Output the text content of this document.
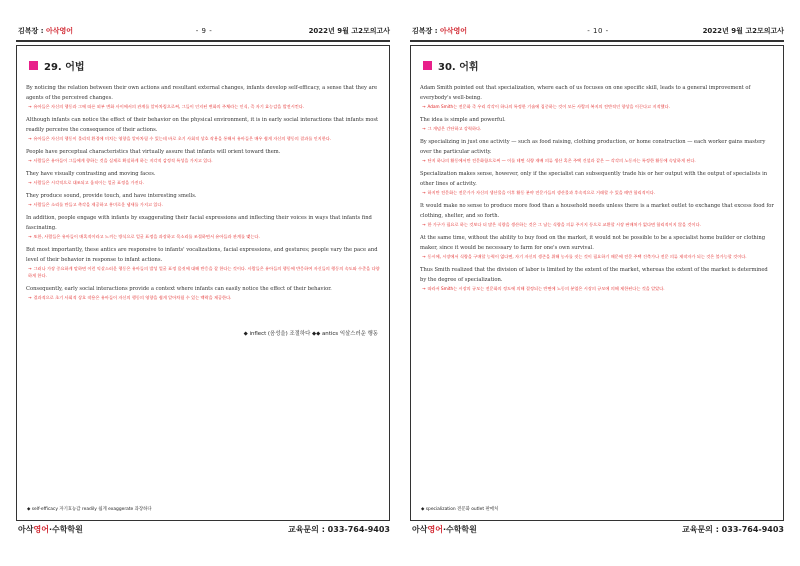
김복장 : 아삭영어	- 9 -	2022년 9월 고2모의고사
29. 어법
By noticing the relation between their own actions and resultant external changes, infants develop self-efficacy, a sense that they are agents of the perceived changes.
→ 유아들은 자신의 행동과 그에 따른 외부 변화 사이에서의 관계를 알아차림으로써, 그들이 인지된 변화의 주체라는 인식, 즉 자기 효능감을 발전시킨다.
Although infants can notice the effect of their behavior on the physical environment, it is in early social interactions that infants most readily perceive the consequence of their actions.
→ 유아들은 자신의 행동이 물리적 환경에 미치는 영향을 알아차릴 수 있는데 바로 초기 사회적 상호 작용을 통해서 유아들은 매우 쉽게 자신의 행동의 결과를 인지한다.
People have perceptual characteristics that virtually assure that infants will orient toward them.
→ 사람들은 유아들이 그들에게 향하는 것을 실제로 확실하게 하는 지각적 감정적 특성을 가지고 있다.
They have visually contrasting and moving faces.
→ 사람들은 시각적으로 대조되고 움직이는 얼굴 표정을 가진다.
They produce sound, provide touch, and have interesting smells.
→ 사람들은 소리를 만들고 촉각을 제공하고 흥미로운 냄새를 가지고 있다.
In addition, people engage with infants by exaggerating their facial expressions and inflecting their voices in ways that infants find fascinating.
→ 또한, 사람들은 유아들이 매혹적이라고 느끼는 방식으로 얼굴 표정을 과장하고 목소리를 조절하면서 유아들과 관계를 맺는다.
But most importantly, these antics are responsive to infants' vocalizations, facial expressions, and gestures; people vary the pace and level of their behavior in response to infant actions.
→ 그러나 가장 중요하게 말하면 이런 익살스러운 행동은 유아들의 발성 얼굴 표정 몸짓에 대해 반응을 잘 한다는 것이다. 사람들은 유아들의 행동에 반응하여 자신들의 행동의 속도와 수준을 다양하게 한다.
Consequently, early social interactions provide a context where infants can easily notice the effect of their behavior.
→ 결과적으로 초기 사회적 상호 작용은 유아들이 자신의 행동의 영향을 쉽게 알아차릴 수 있는 맥락을 제공한다.
◆ inflect (음성을) 조절하다 ◆◆ antics 익살스러운 행동
◆ self-efficacy 자기효능감 readily 쉽게 exaggerate 과장하다
아삭영어·수학학원	교육문의 : 033-764-9403
김복장 : 아삭영어	- 10 -	2022년 9월 고2모의고사
30. 어휘
Adam Smith pointed out that specialization, where each of us focuses on one specific skill, leads to a general improvement of everybody's well-being.
→ Adam Smith는 전문화 즉 우리 각각이 하나의 특정한 기술에 집중하는 것이 모든 사람의 복지의 전반적인 향상을 이끈다고 지적했다.
The idea is simple and powerful.
→ 그 개념은 간단하고 강력하다.
By specializing in just one activity — such as food raising, clothing production, or home construction — each worker gains mastery over the particular activity.
→ 단지 하나의 활동에서만 전문화함으로써 — 이를 테면 식량 재배 의류 생산 혹은 주택 건설과 같은 — 각각의 노동자는 특정한 활동에 숙달하게 된다.
Specialization makes sense, however, only if the specialist can subsequently trade his or her output with the output of specialists in other lines of activity.
→ 하지만 전문화는 전문가가 자신의 생산물을 이후 활동 분야 전문가들의 생산물과 후속적으로 거래할 수 있을 때만 합리적이다.
It would make no sense to produce more food than a household needs unless there is a market outlet to exchange that excess food for clothing, shelter, and so forth.
→ 한 가구가 필요로 하는 것보다 더 많은 식량을 생산하는 것은 그 남는 식량을 의류 주거지 등으로 교환할 시장 판매처가 없다면 합리적이지 않을 것이다.
At the same time, without the ability to buy food on the market, it would not be possible to be a specialist home builder or clothing maker, since it would be necessary to farm for one's own survival.
→ 동시에, 시장에서 식량을 구매할 능력이 없다면, 자기 자신의 생존을 위해 농사를 짓는 것이 필요하기 때문에 전문 주택 건축가나 전문 의류 제작자가 되는 것은 불가능할 것이다.
Thus Smith realized that the division of labor is limited by the extent of the market, whereas the extent of the market is determined by the degree of specialization.
→ 따라서 Smith는 시장의 규모는 전문화의 정도에 의해 결정되는 반면에 노동의 분업은 시장의 규모에 의해 제한된다는 것을 알았다.
◆ specialization 전문화 outlet 판매처
아삭영어·수학학원	교육문의 : 033-764-9403
